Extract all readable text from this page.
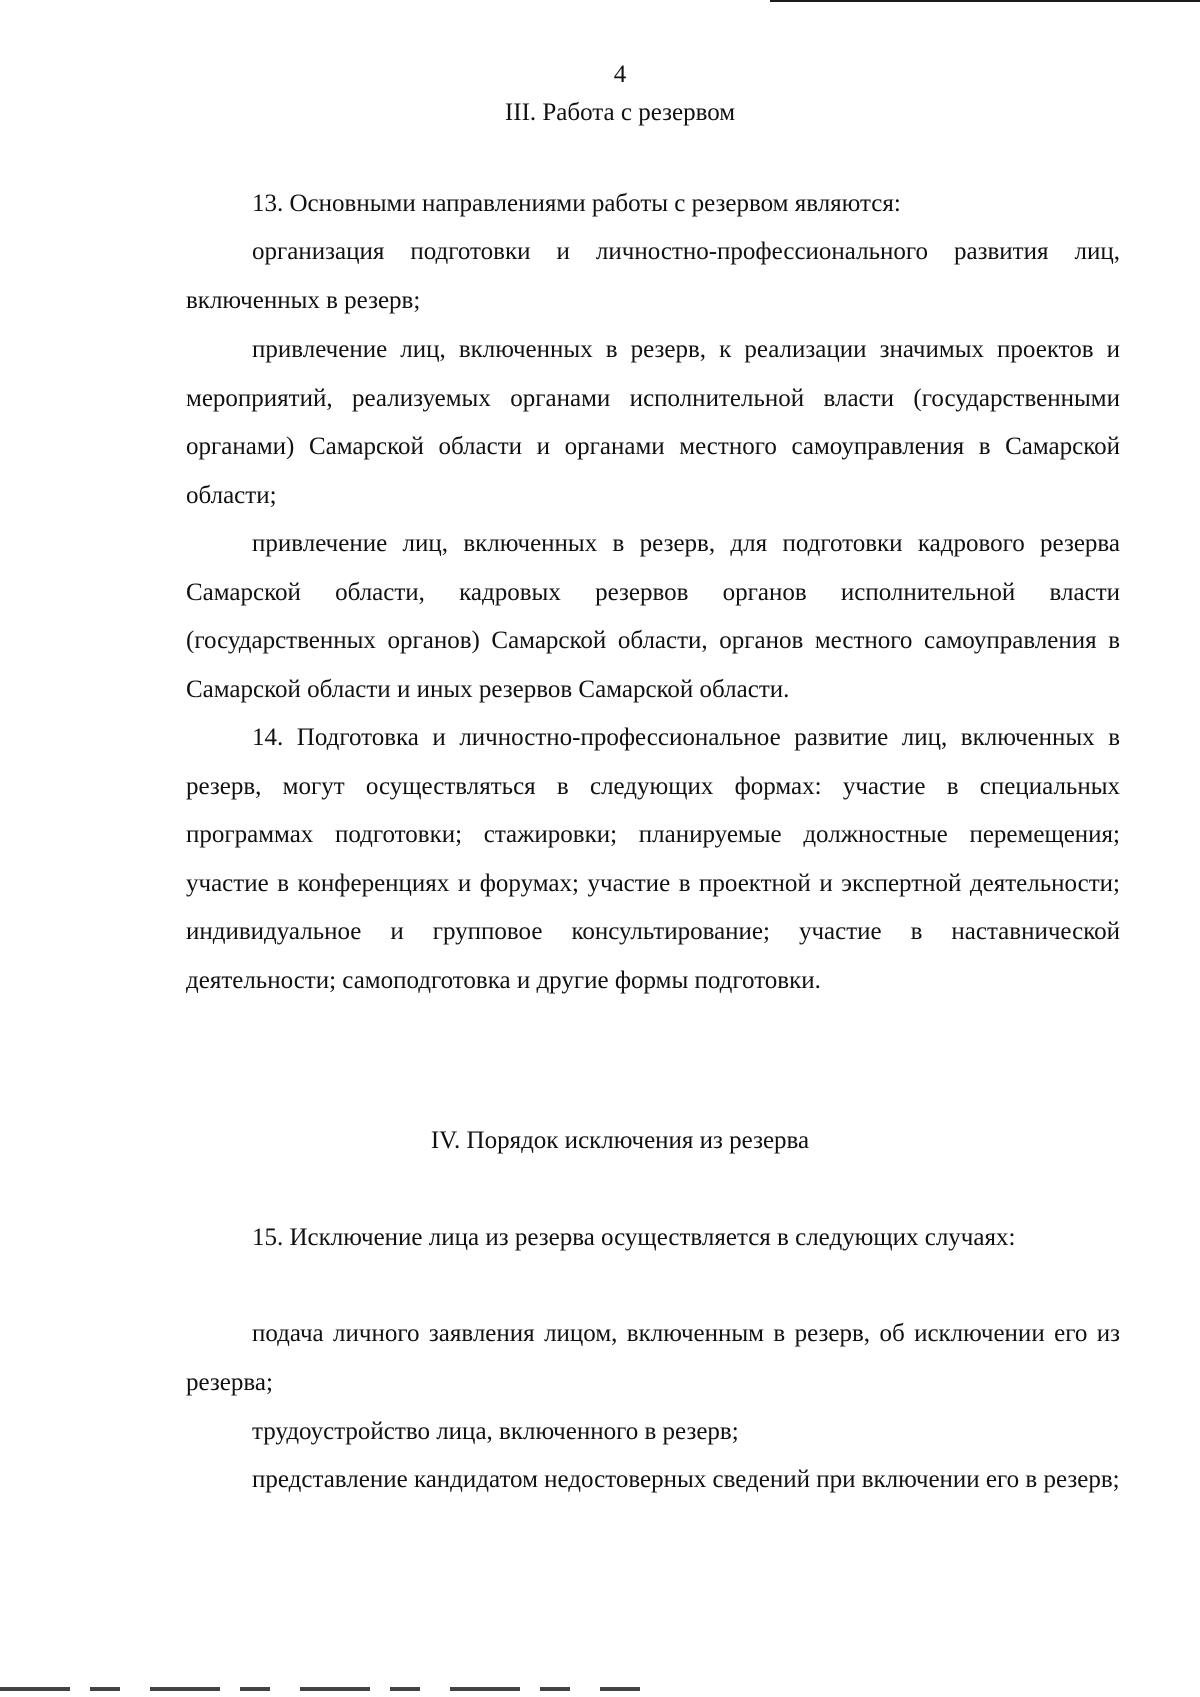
4
III. Работа с резервом

13. Основными направлениями работы с резервом являются:

организация подготовки и личностно-профессионального развития лиц, включенных в резерв;

привлечение лиц, включенных в резерв, к реализации значимых проектов и мероприятий, реализуемых органами исполнительной власти (государственными органами) Самарской области и органами местного самоуправления в Самарской области;

привлечение лиц, включенных в резерв, для подготовки кадрового резерва Самарской области, кадровых резервов органов исполнительной власти (государственных органов) Самарской области, органов местного самоуправления в Самарской области и иных резервов Самарской области.

14. Подготовка и личностно-профессиональное развитие лиц, включенных в резерв, могут осуществляться в следующих формах: участие в специальных программах подготовки; стажировки; планируемые должностные перемещения; участие в конференциях и форумах; участие в проектной и экспертной деятельности; индивидуальное и групповое консультирование; участие в наставнической деятельности; самоподготовка и другие формы подготовки.

IV. Порядок исключения из резерва

15. Исключение лица из резерва осуществляется в следующих случаях:

подача личного заявления лицом, включенным в резерв, об исключении его из резерва;

трудоустройство лица, включенного в резерв;

представление кандидатом недостоверных сведений при включении его в резерв;
